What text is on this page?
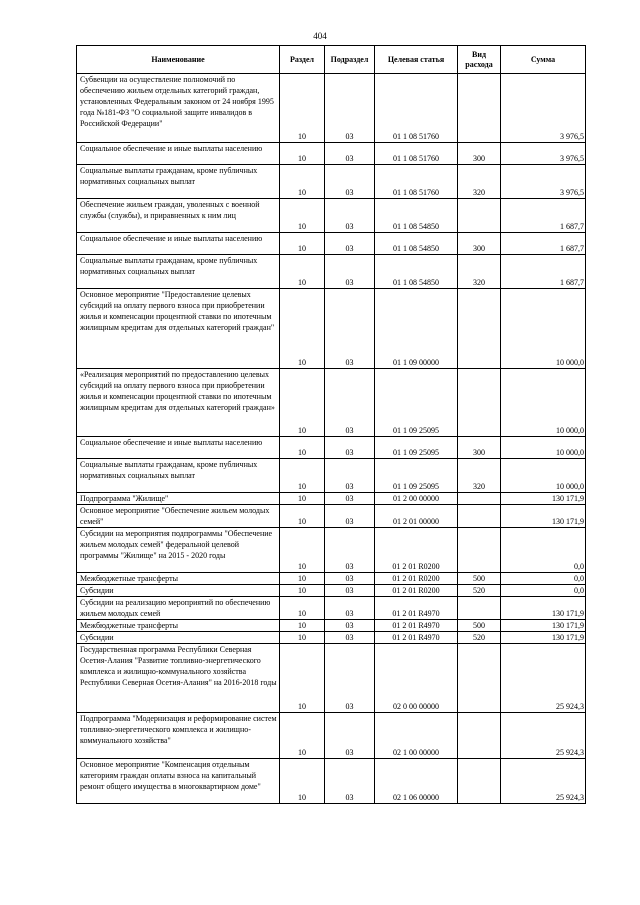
404
Наименование	Раздел	Подраздел	Целевая статья	Вид расхода	Сумма
Субвенции на осуществление полномочий по обеспечению жильем отдельных категорий граждан, установленных Федеральным законом от 24 ноября 1995 года №181-ФЗ "О социальной защите инвалидов в Российской Федерации"	10	03	01 1 08 51760		3 976,5
Социальное обеспечение и иные выплаты населению	10	03	01 1 08 51760	300	3 976,5
Социальные выплаты гражданам, кроме публичных нормативных социальных выплат	10	03	01 1 08 51760	320	3 976,5
Обеспечение жильем граждан, уволенных с военной службы (службы), и приравненных к ним лиц	10	03	01 1 08 54850		1 687,7
Социальное обеспечение и иные выплаты населению	10	03	01 1 08 54850	300	1 687,7
Социальные выплаты гражданам, кроме публичных нормативных социальных выплат	10	03	01 1 08 54850	320	1 687,7
Основное мероприятие "Предоставление целевых субсидий на оплату первого взноса при приобретении жилья и компенсации процентной ставки по ипотечным жилищным кредитам для отдельных категорий граждан"	10	03	01 1 09 00000		10 000,0
«Реализация мероприятий по предоставлению целевых субсидий на оплату первого взноса при приобретении жилья и компенсации процентной ставки по ипотечным жилищным кредитам для отдельных категорий граждан»	10	03	01 1 09 25095		10 000,0
Социальное обеспечение и иные выплаты населению	10	03	01 1 09 25095	300	10 000,0
Социальные выплаты гражданам, кроме публичных нормативных социальных выплат	10	03	01 1 09 25095	320	10 000,0
Подпрограмма "Жилище"	10	03	01 2 00 00000		130 171,9
Основное мероприятие "Обеспечение жильем молодых семей"	10	03	01 2 01 00000		130 171,9
Субсидии на мероприятия подпрограммы "Обеспечение жильем молодых семей" федеральной целевой программы "Жилище" на 2015 - 2020 годы	10	03	01 2 01 R0200		0,0
Межбюджетные трансферты	10	03	01 2 01 R0200	500	0,0
Субсидии	10	03	01 2 01 R0200	520	0,0
Субсидии на реализацию мероприятий по обеспечению жильем молодых семей	10	03	01 2 01 R4970		130 171,9
Межбюджетные трансферты	10	03	01 2 01 R4970	500	130 171,9
Субсидии	10	03	01 2 01 R4970	520	130 171,9
Государственная программа Республики Северная Осетия-Алания "Развитие топливно-энергетического комплекса и жилищно-коммунального хозяйства Республики Северная Осетия-Алания" на 2016-2018 годы	10	03	02 0 00 00000		25 924,3
Подпрограмма "Модернизация и реформирование систем топливно-энергетического комплекса и жилищно-коммунального хозяйства"	10	03	02 1 00 00000		25 924,3
Основное мероприятие "Компенсация отдельным категориям граждан оплаты взноса на капитальный ремонт общего имущества в многоквартирном доме"	10	03	02 1 06 00000		25 924,3
